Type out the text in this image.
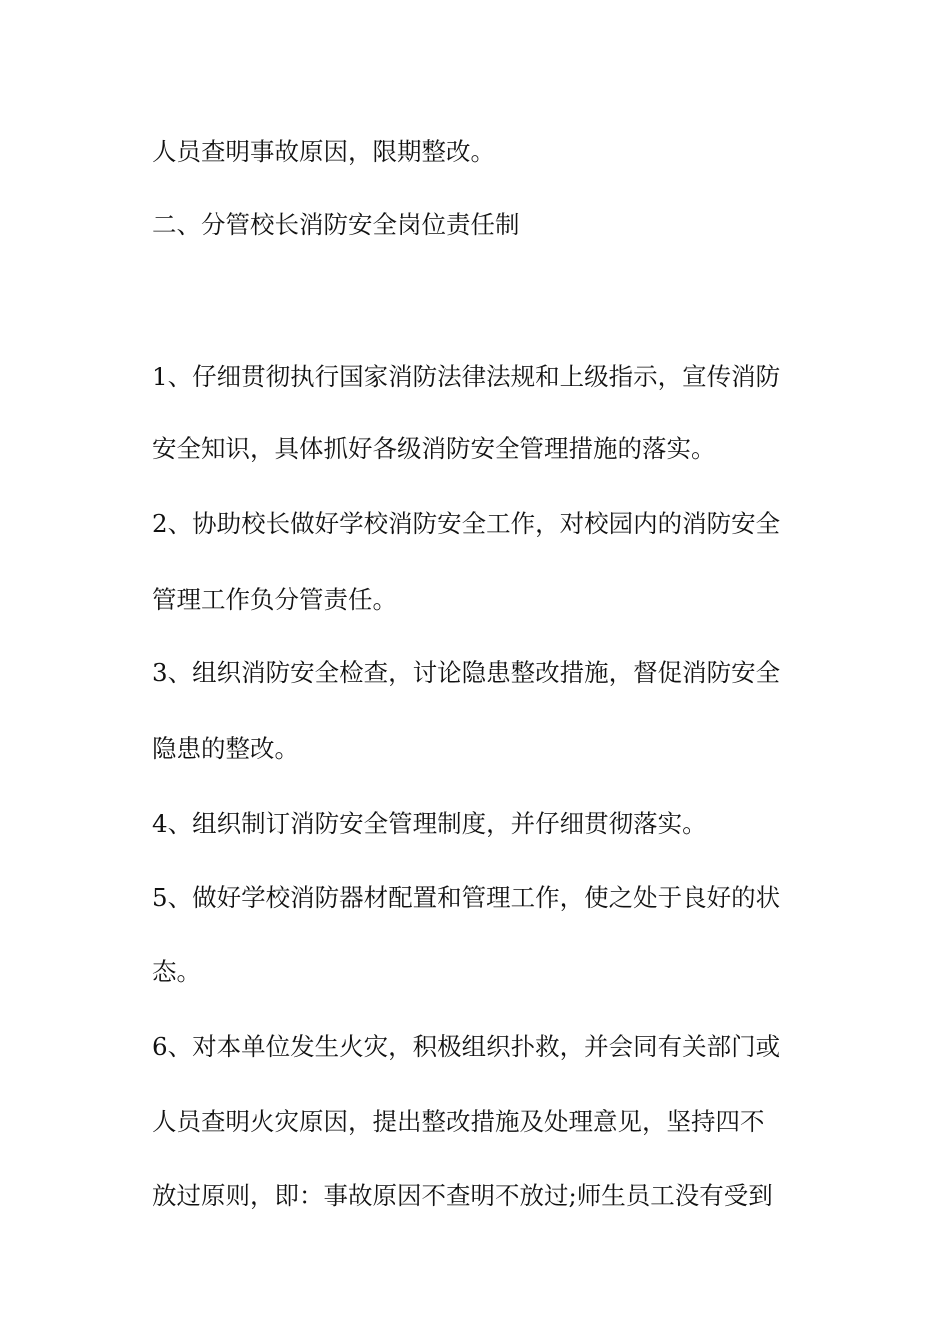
人员查明事故原因，限期整改。
二、分管校长消防安全岗位责任制
1、仔细贯彻执行国家消防法律法规和上级指示，宣传消防
安全知识，具体抓好各级消防安全管理措施的落实。
2、协助校长做好学校消防安全工作，对校园内的消防安全
管理工作负分管责任。
3、组织消防安全检查，讨论隐患整改措施，督促消防安全
隐患的整改。
4、组织制订消防安全管理制度，并仔细贯彻落实。
5、做好学校消防器材配置和管理工作，使之处于良好的状
态。
6、对本单位发生火灾，积极组织扑救，并会同有关部门或
人员查明火灾原因，提出整改措施及处理意见，坚持四不
放过原则，即：事故原因不查明不放过;师生员工没有受到
